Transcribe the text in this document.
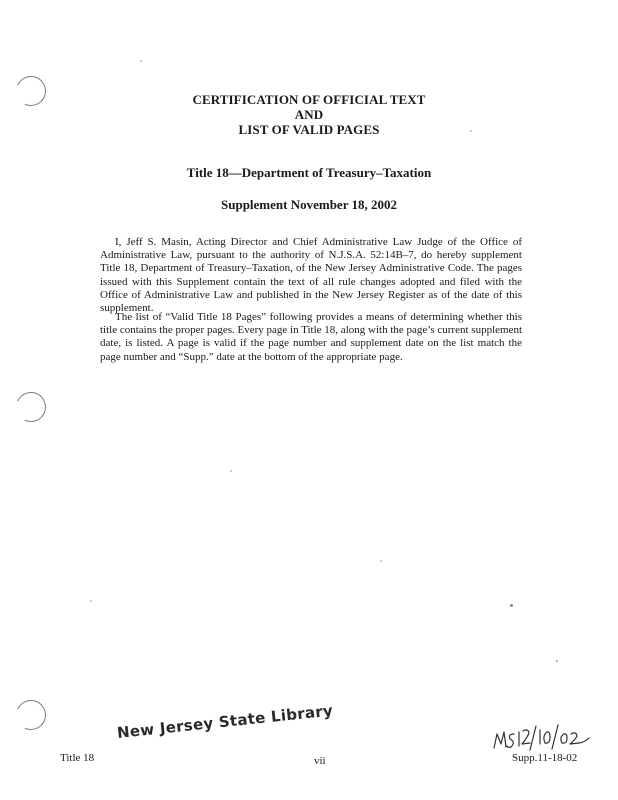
CERTIFICATION OF OFFICIAL TEXT
AND
LIST OF VALID PAGES
Title 18—Department of Treasury–Taxation
Supplement November 18, 2002

I, Jeff S. Masin, Acting Director and Chief Administrative Law Judge of the Office of Administrative Law, pursuant to the authority of N.J.S.A. 52:14B–7, do hereby supplement Title 18, Department of Treasury–Taxation, of the New Jersey Administrative Code. The pages issued with this Supplement contain the text of all rule changes adopted and filed with the Office of Administrative Law and published in the New Jersey Register as of the date of this supplement.

The list of “Valid Title 18 Pages” following provides a means of determining whether this title contains the proper pages. Every page in Title 18, along with the page’s current supplement date, is listed. A page is valid if the page number and supplement date on the list match the page number and “Supp.” date at the bottom of the appropriate page.

New Jersey State Library
Title 18	vii	Supp.11-18-02
